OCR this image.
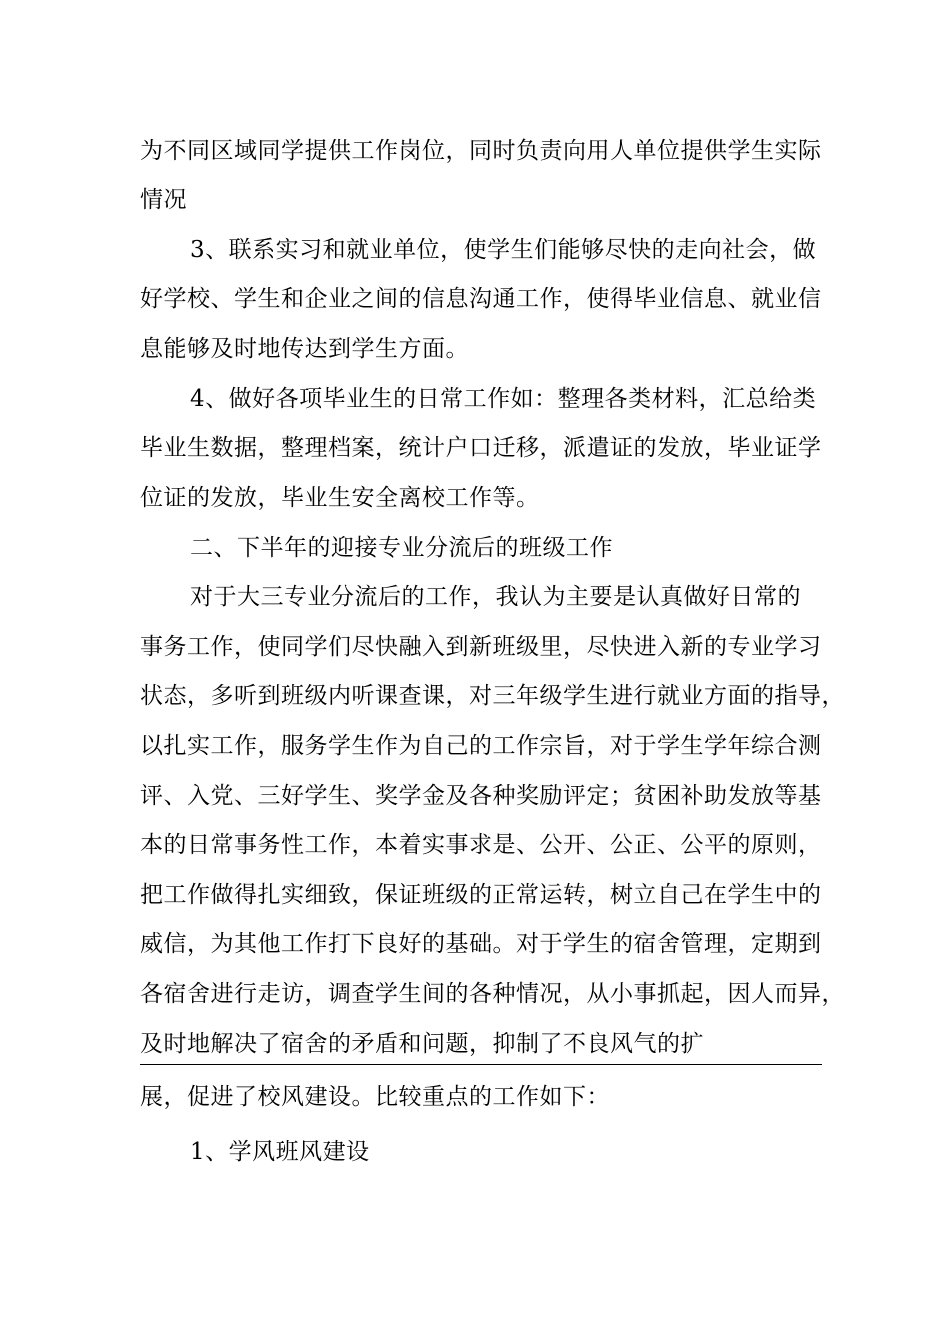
为不同区域同学提供工作岗位，同时负责向用人单位提供学生实际
情况
3、联系实习和就业单位，使学生们能够尽快的走向社会，做
好学校、学生和企业之间的信息沟通工作，使得毕业信息、就业信
息能够及时地传达到学生方面。
4、做好各项毕业生的日常工作如：整理各类材料，汇总给类
毕业生数据，整理档案，统计户口迁移，派遣证的发放，毕业证学
位证的发放，毕业生安全离校工作等。
二、下半年的迎接专业分流后的班级工作
对于大三专业分流后的工作，我认为主要是认真做好日常的
事务工作，使同学们尽快融入到新班级里，尽快进入新的专业学习
状态，多听到班级内听课查课，对三年级学生进行就业方面的指导，
以扎实工作，服务学生作为自己的工作宗旨，对于学生学年综合测
评、入党、三好学生、奖学金及各种奖励评定；贫困补助发放等基
本的日常事务性工作，本着实事求是、公开、公正、公平的原则，
把工作做得扎实细致，保证班级的正常运转，树立自己在学生中的
威信，为其他工作打下良好的基础。对于学生的宿舍管理，定期到
各宿舍进行走访，调查学生间的各种情况，从小事抓起，因人而异，
及时地解决了宿舍的矛盾和问题，抑制了不良风气的扩
展，促进了校风建设。比较重点的工作如下：
1、学风班风建设
